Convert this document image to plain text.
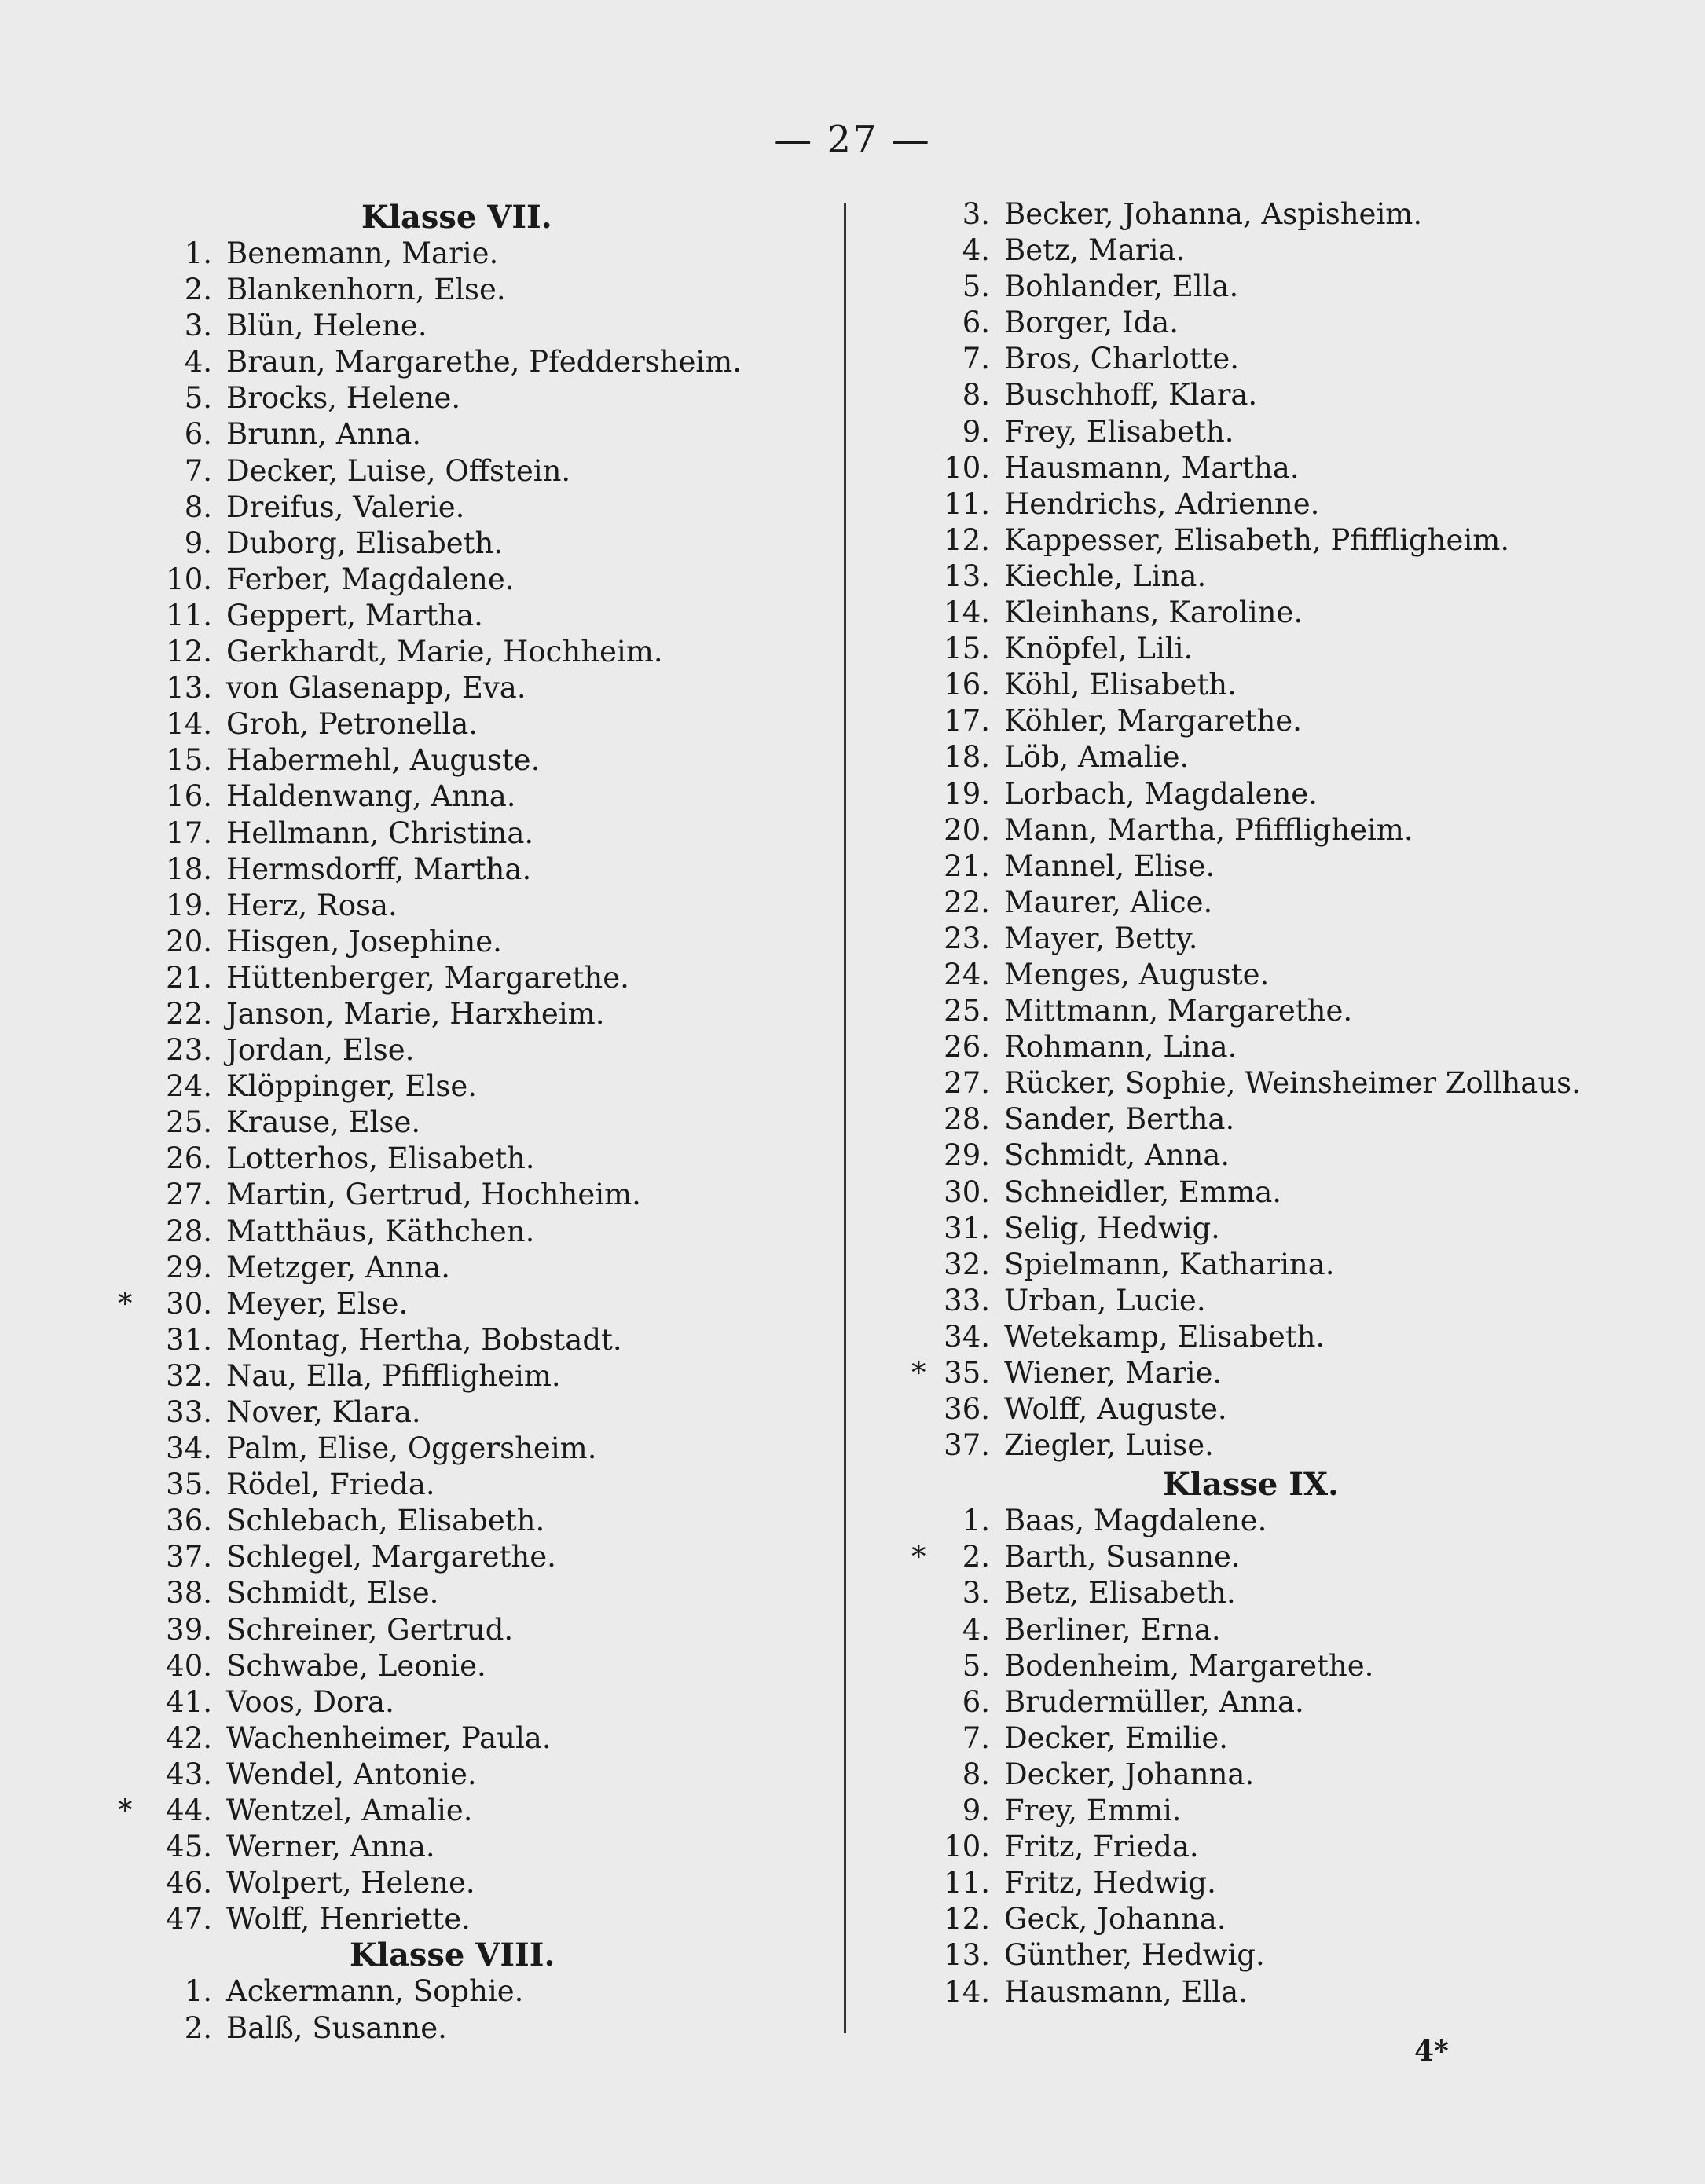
— 27 —
Klasse VII.
1. Benemann, Marie.
2. Blankenhorn, Else.
3. Blün, Helene.
4. Braun, Margarethe, Pfeddersheim.
5. Brocks, Helene.
6. Brunn, Anna.
7. Decker, Luise, Offstein.
8. Dreifus, Valerie.
9. Duborg, Elisabeth.
10. Ferber, Magdalene.
11. Geppert, Martha.
12. Gerkhardt, Marie, Hochheim.
13. von Glasenapp, Eva.
14. Groh, Petronella.
15. Habermehl, Auguste.
16. Haldenwang, Anna.
17. Hellmann, Christina.
18. Hermsdorff, Martha.
19. Herz, Rosa.
20. Hisgen, Josephine.
21. Hüttenberger, Margarethe.
22. Janson, Marie, Harxheim.
23. Jordan, Else.
24. Klöppinger, Else.
25. Krause, Else.
26. Lotterhos, Elisabeth.
27. Martin, Gertrud, Hochheim.
28. Matthäus, Käthchen.
29. Metzger, Anna.
* 30. Meyer, Else.
31. Montag, Hertha, Bobstadt.
32. Nau, Ella, Pfiffligheim.
33. Nover, Klara.
34. Palm, Elise, Oggersheim.
35. Rödel, Frieda.
36. Schlebach, Elisabeth.
37. Schlegel, Margarethe.
38. Schmidt, Else.
39. Schreiner, Gertrud.
40. Schwabe, Leonie.
41. Voos, Dora.
42. Wachenheimer, Paula.
43. Wendel, Antonie.
* 44. Wentzel, Amalie.
45. Werner, Anna.
46. Wolpert, Helene.
47. Wolff, Henriette.
Klasse VIII.
1. Ackermann, Sophie.
2. Balß, Susanne.
3. Becker, Johanna, Aspisheim.
4. Betz, Maria.
5. Bohlander, Ella.
6. Borger, Ida.
7. Bros, Charlotte.
8. Buschhoff, Klara.
9. Frey, Elisabeth.
10. Hausmann, Martha.
11. Hendrichs, Adrienne.
12. Kappesser, Elisabeth, Pfiffligheim.
13. Kiechle, Lina.
14. Kleinhans, Karoline.
15. Knöpfel, Lili.
16. Köhl, Elisabeth.
17. Köhler, Margarethe.
18. Löb, Amalie.
19. Lorbach, Magdalene.
20. Mann, Martha, Pfiffligheim.
21. Mannel, Elise.
22. Maurer, Alice.
23. Mayer, Betty.
24. Menges, Auguste.
25. Mittmann, Margarethe.
26. Rohmann, Lina.
27. Rücker, Sophie, Weinsheimer Zollhaus.
28. Sander, Bertha.
29. Schmidt, Anna.
30. Schneidler, Emma.
31. Selig, Hedwig.
32. Spielmann, Katharina.
33. Urban, Lucie.
34. Wetekamp, Elisabeth.
* 35. Wiener, Marie.
36. Wolff, Auguste.
37. Ziegler, Luise.
Klasse IX.
1. Baas, Magdalene.
* 2. Barth, Susanne.
3. Betz, Elisabeth.
4. Berliner, Erna.
5. Bodenheim, Margarethe.
6. Brudermüller, Anna.
7. Decker, Emilie.
8. Decker, Johanna.
9. Frey, Emmi.
10. Fritz, Frieda.
11. Fritz, Hedwig.
12. Geck, Johanna.
13. Günther, Hedwig.
14. Hausmann, Ella.
4*
